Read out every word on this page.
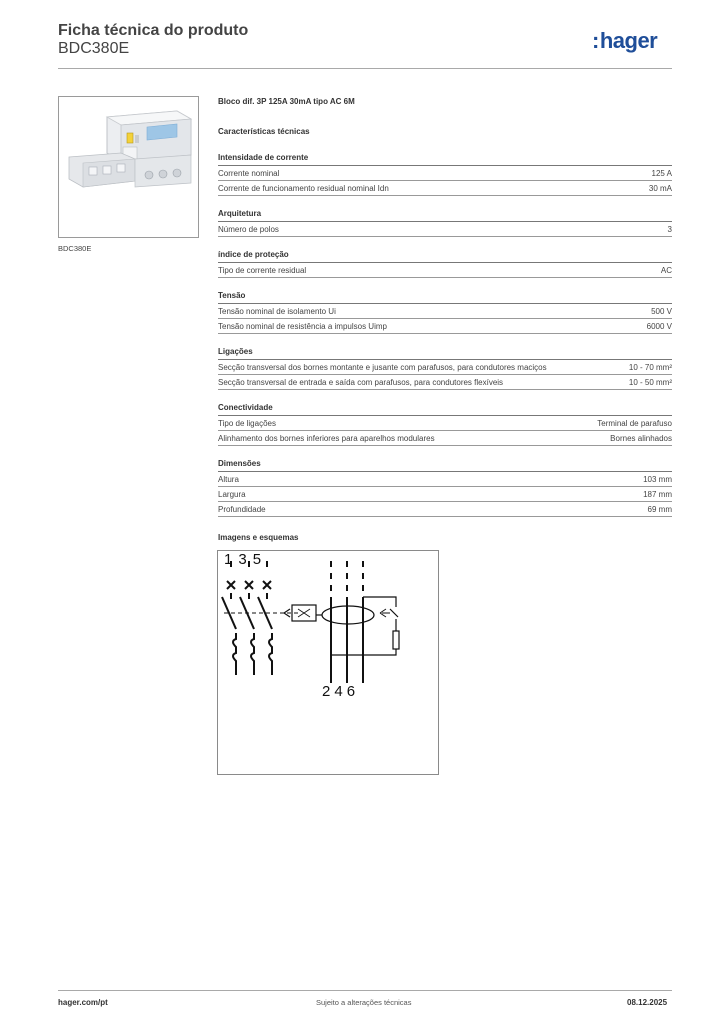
Ficha técnica do produto
BDC380E	:hager
BDC380E
Bloco dif. 3P 125A 30mA tipo AC 6M
Características técnicas
Intensidade de corrente
Corrente nominal	125 A
Corrente de funcionamento residual nominal Idn	30 mA
Arquitetura
Número de polos	3
índice de proteção
Tipo de corrente residual	AC
Tensão
Tensão nominal de isolamento Ui	500 V
Tensão nominal de resistência a impulsos Uimp	6000 V
Ligações
Secção transversal dos bornes montante e jusante com parafusos, para condutores maciços	10 - 70 mm²
Secção transversal de entrada e saída com parafusos, para condutores flexíveis	10 - 50 mm²
Conectividade
Tipo de ligações	Terminal de parafuso
Alinhamento dos bornes inferiores para aparelhos modulares	Bornes alinhados
Dimensões
Altura	103 mm
Largura	187 mm
Profundidade	69 mm
Imagens e esquemas
1 3 5
2 4 6
hager.com/pt	Sujeito a alterações técnicas	08.12.2025
